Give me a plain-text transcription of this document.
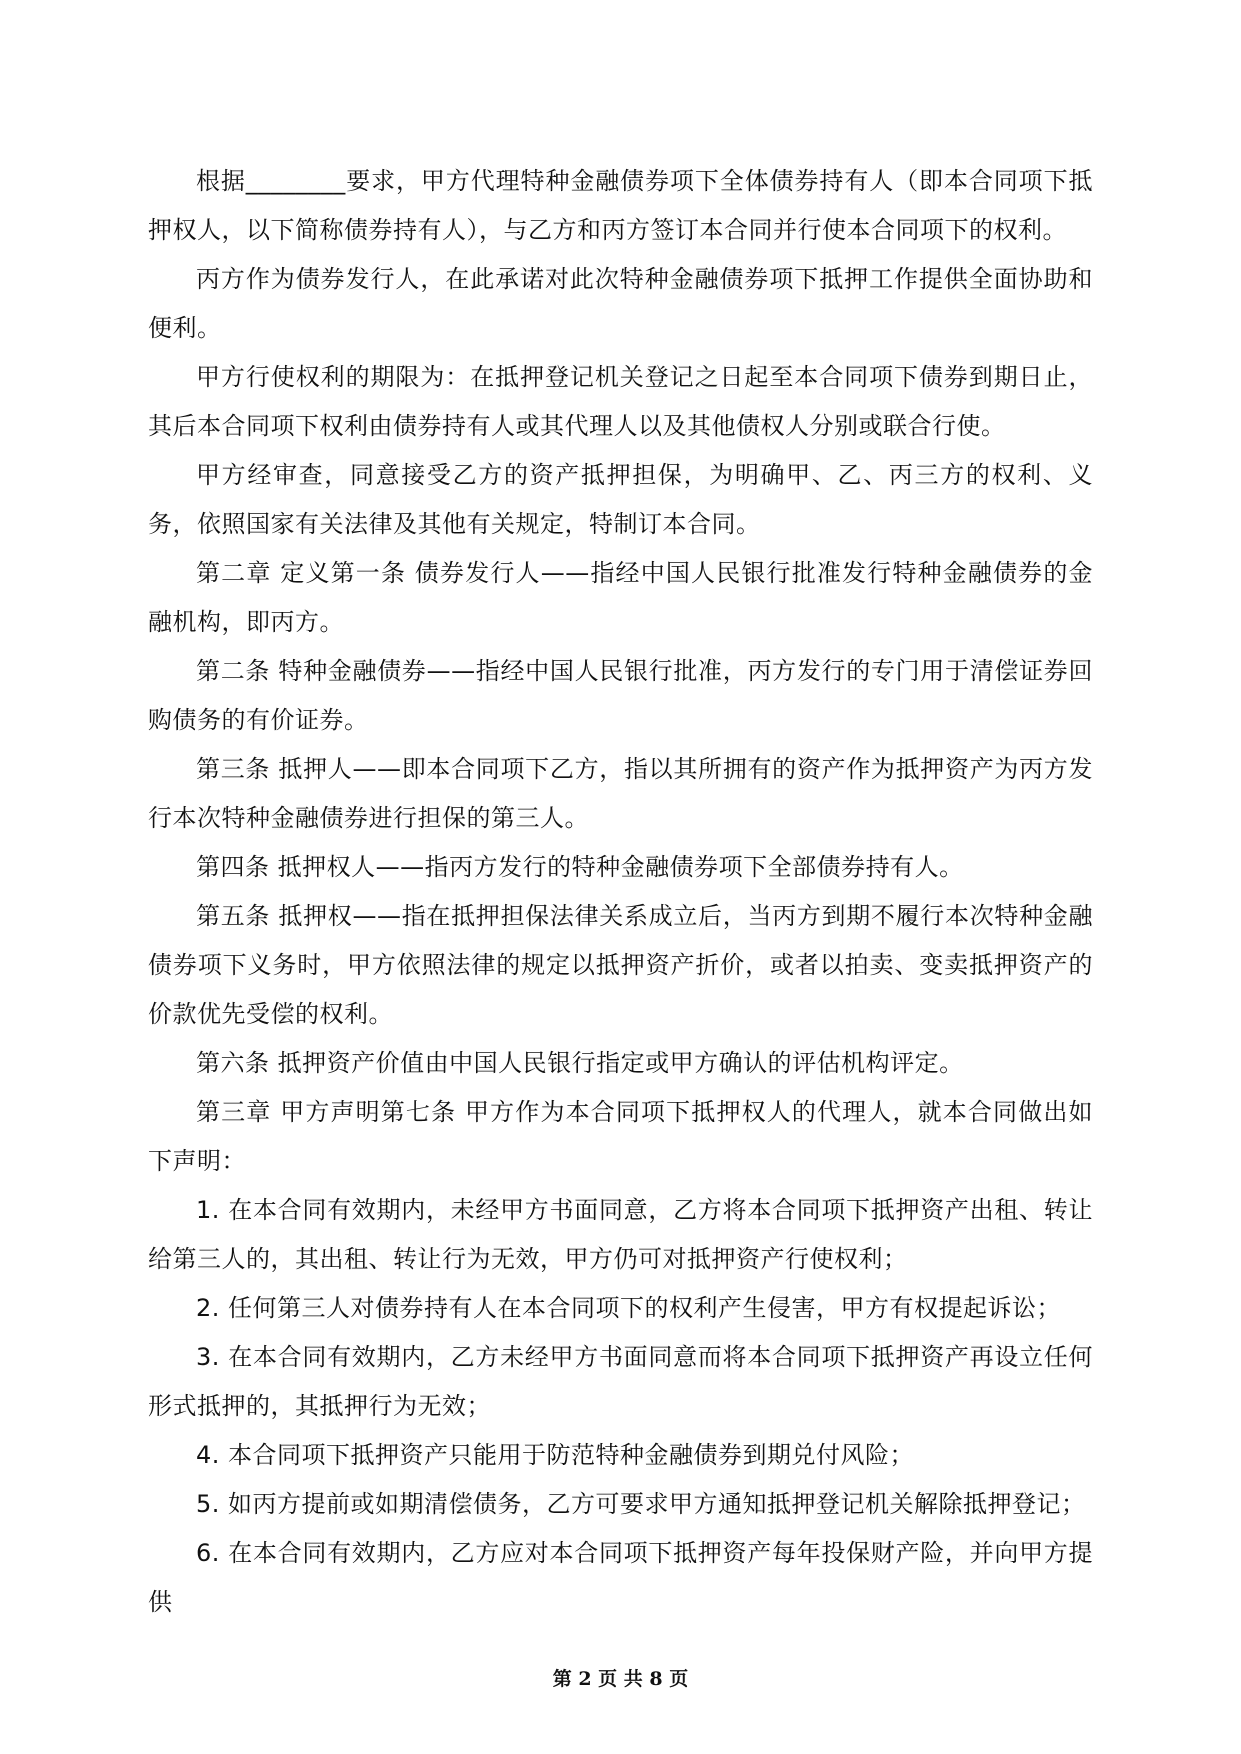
根据________要求，甲方代理特种金融债券项下全体债券持有人（即本合同项下抵押权人，以下简称债券持有人），与乙方和丙方签订本合同并行使本合同项下的权利。

丙方作为债券发行人，在此承诺对此次特种金融债券项下抵押工作提供全面协助和便利。

甲方行使权利的期限为：在抵押登记机关登记之日起至本合同项下债券到期日止，其后本合同项下权利由债券持有人或其代理人以及其他债权人分别或联合行使。

甲方经审查，同意接受乙方的资产抵押担保，为明确甲、乙、丙三方的权利、义务，依照国家有关法律及其他有关规定，特制订本合同。

第二章 定义第一条 债券发行人——指经中国人民银行批准发行特种金融债券的金融机构，即丙方。

第二条 特种金融债券——指经中国人民银行批准，丙方发行的专门用于清偿证券回购债务的有价证券。

第三条 抵押人——即本合同项下乙方，指以其所拥有的资产作为抵押资产为丙方发行本次特种金融债券进行担保的第三人。

第四条 抵押权人——指丙方发行的特种金融债券项下全部债券持有人。

第五条 抵押权——指在抵押担保法律关系成立后，当丙方到期不履行本次特种金融债券项下义务时，甲方依照法律的规定以抵押资产折价，或者以拍卖、变卖抵押资产的价款优先受偿的权利。

第六条 抵押资产价值由中国人民银行指定或甲方确认的评估机构评定。

第三章 甲方声明第七条 甲方作为本合同项下抵押权人的代理人，就本合同做出如下声明：

1. 在本合同有效期内，未经甲方书面同意，乙方将本合同项下抵押资产出租、转让给第三人的，其出租、转让行为无效，甲方仍可对抵押资产行使权利；

2. 任何第三人对债券持有人在本合同项下的权利产生侵害，甲方有权提起诉讼；

3. 在本合同有效期内，乙方未经甲方书面同意而将本合同项下抵押资产再设立任何形式抵押的，其抵押行为无效；

4. 本合同项下抵押资产只能用于防范特种金融债券到期兑付风险；

5. 如丙方提前或如期清偿债务，乙方可要求甲方通知抵押登记机关解除抵押登记；

6. 在本合同有效期内，乙方应对本合同项下抵押资产每年投保财产险，并向甲方提供

第 2 页 共 8 页
